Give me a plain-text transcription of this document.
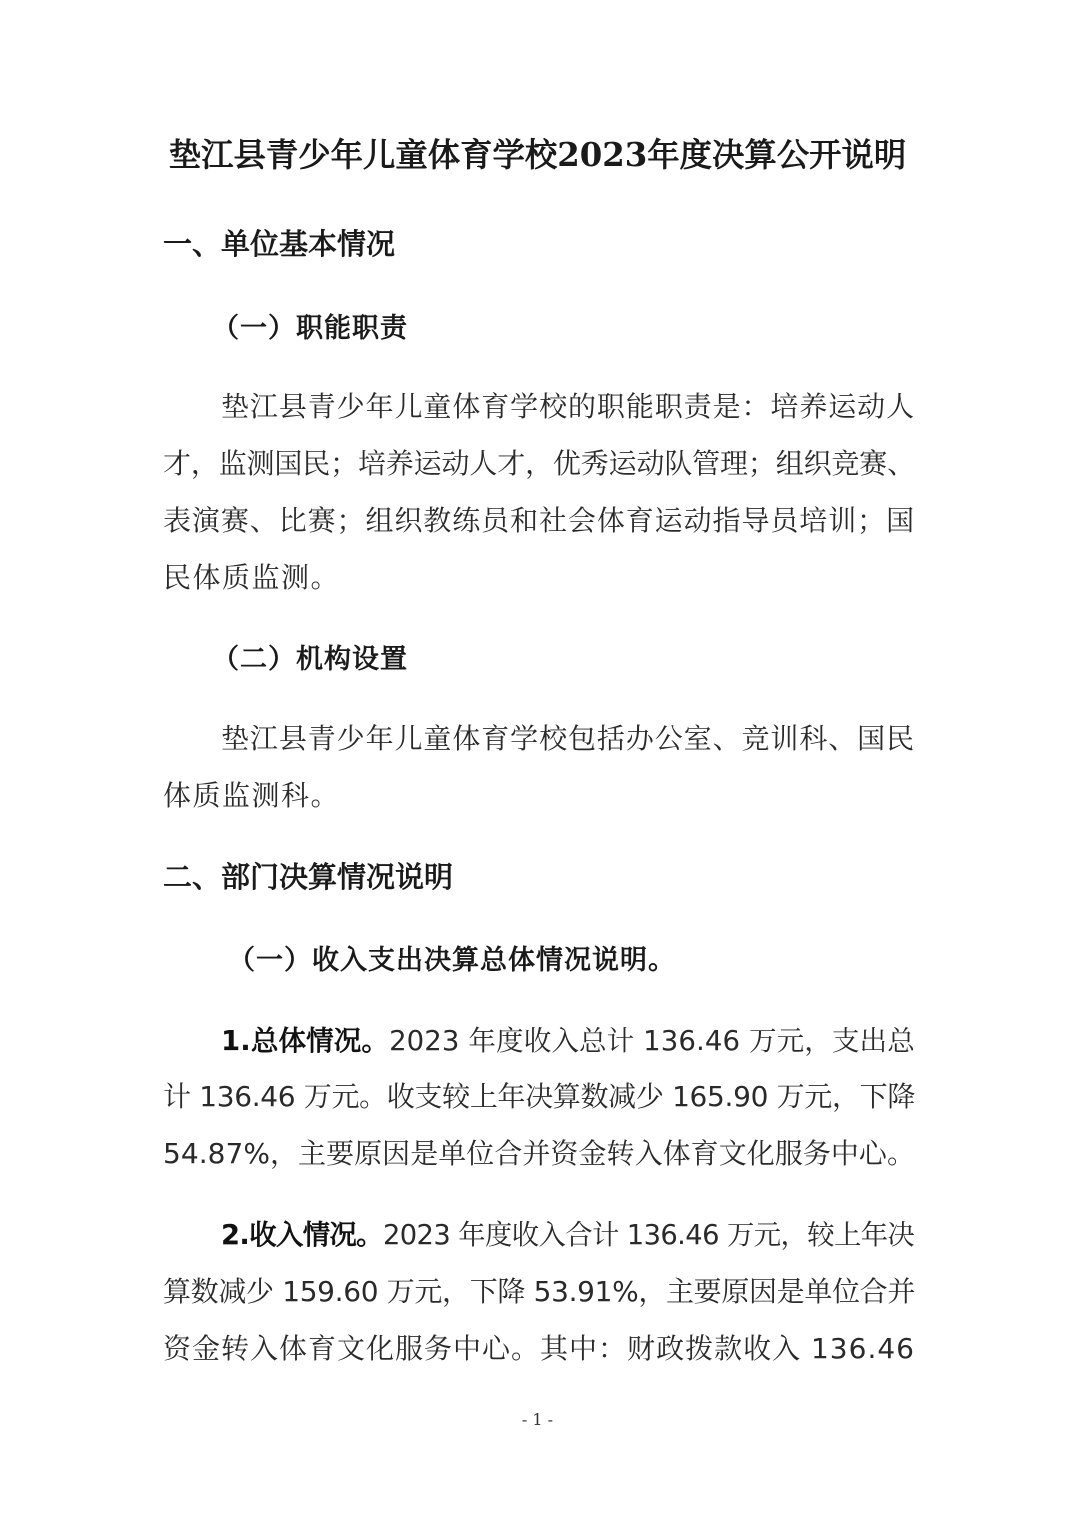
垫江县青少年儿童体育学校2023年度决算公开说明
一、单位基本情况
（一）职能职责
垫江县青少年儿童体育学校的职能职责是：培养运动人
才，监测国民；培养运动人才，优秀运动队管理；组织竞赛、
表演赛、比赛；组织教练员和社会体育运动指导员培训；国
民体质监测。
（二）机构设置
垫江县青少年儿童体育学校包括办公室、竞训科、国民
体质监测科。
二、部门决算情况说明
（一）收入支出决算总体情况说明。
1.总体情况。2023 年度收入总计 136.46 万元，支出总
计 136.46 万元。收支较上年决算数减少 165.90 万元，下降
54.87%，主要原因是单位合并资金转入体育文化服务中心。
2.收入情况。2023 年度收入合计 136.46 万元，较上年决
算数减少 159.60 万元，下降 53.91%，主要原因是单位合并
资金转入体育文化服务中心。其中：财政拨款收入 136.46
- 1 -
